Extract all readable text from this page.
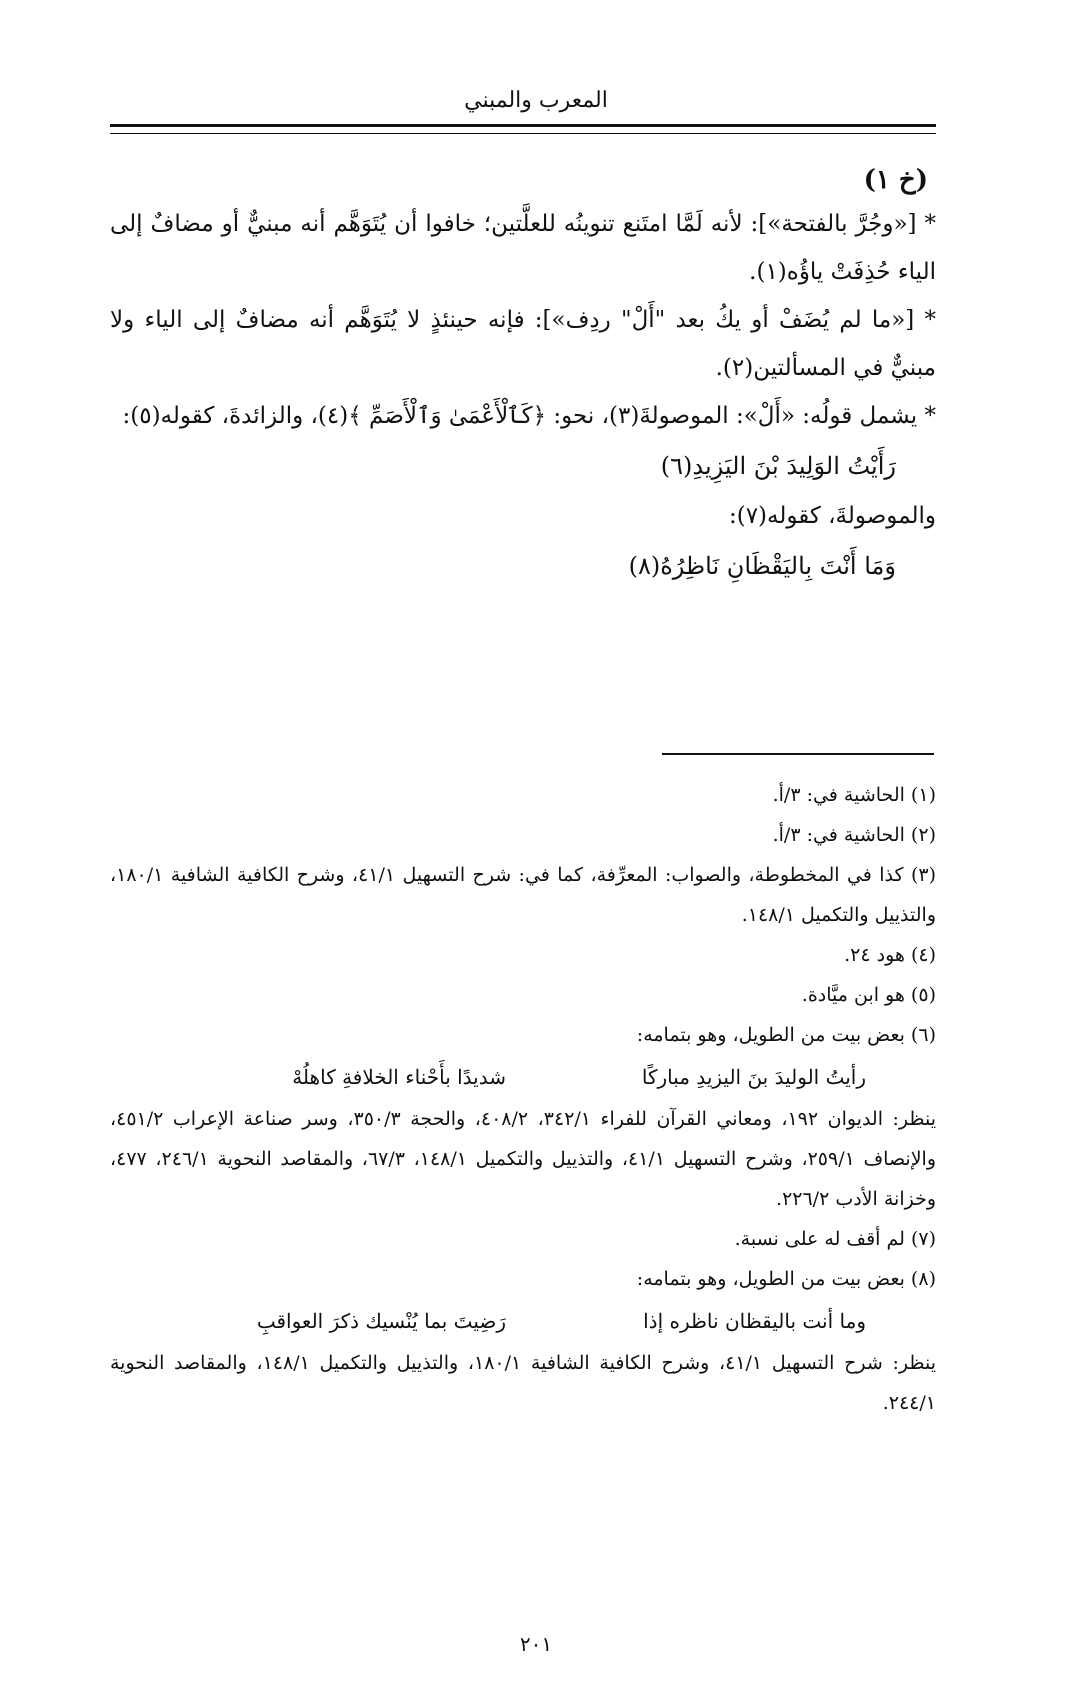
المعرب والمبني
(خ ١)
* [«وجُرَّ بالفتحة»]: لأنه لَمَّا امتَنع تنوينُه للعلَّتين؛ خافوا أن يُتَوَهَّم أنه مبنيٌّ أو مضافٌ إلى الياء حُذِفَتْ ياؤُه(١).
* [«ما لم يُضَفْ أو يكُ بعد "أَلْ" ردِف»]: فإنه حينئذٍ لا يُتَوَهَّم أنه مضافٌ إلى الياء ولا مبنيٌّ في المسألتين(٢).
* يشمل قولُه: «أَلْ»: الموصولةَ(٣)، نحو: ﴿كَٱلْأَعْمَىٰ وَٱلْأَصَمِّ ﴾(٤)، والزائدةَ، كقوله(٥):
رَأَيْتُ الوَلِيدَ بْنَ اليَزِيدِ(٦)
والموصولةَ، كقوله(٧):
وَمَا أَنْتَ بِاليَقْظَانِ نَاظِرُهُ(٨)
(١) الحاشية في: ٣/أ.
(٢) الحاشية في: ٣/أ.
(٣) كذا في المخطوطة، والصواب: المعرِّفة، كما في: شرح التسهيل ٤١/١، وشرح الكافية الشافية ١٨٠/١، والتذييل والتكميل ١٤٨/١.
(٤) هود ٢٤.
(٥) هو ابن ميَّادة.
(٦) بعض بيت من الطويل، وهو بتمامه:
رأيتُ الوليدَ بنَ اليزيدِ مباركًا
شديدًا بأَحْناء الخلافةِ كاهلُهْ
ينظر: الديوان ١٩٢، ومعاني القرآن للفراء ٣٤٢/١، ٤٠٨/٢، والحجة ٣٥٠/٣، وسر صناعة الإعراب ٤٥١/٢، والإنصاف ٢٥٩/١، وشرح التسهيل ٤١/١، والتذييل والتكميل ١٤٨/١، ٦٧/٣، والمقاصد النحوية ٢٤٦/١، ٤٧٧، وخزانة الأدب ٢٢٦/٢.
(٧) لم أقف له على نسبة.
(٨) بعض بيت من الطويل، وهو بتمامه:
وما أنت باليقظان ناظره إذا
رَضِيتَ بما يُنْسيك ذكرَ العواقبِ
ينظر: شرح التسهيل ٤١/١، وشرح الكافية الشافية ١٨٠/١، والتذييل والتكميل ١٤٨/١، والمقاصد النحوية ٢٤٤/١.
٢٠١
